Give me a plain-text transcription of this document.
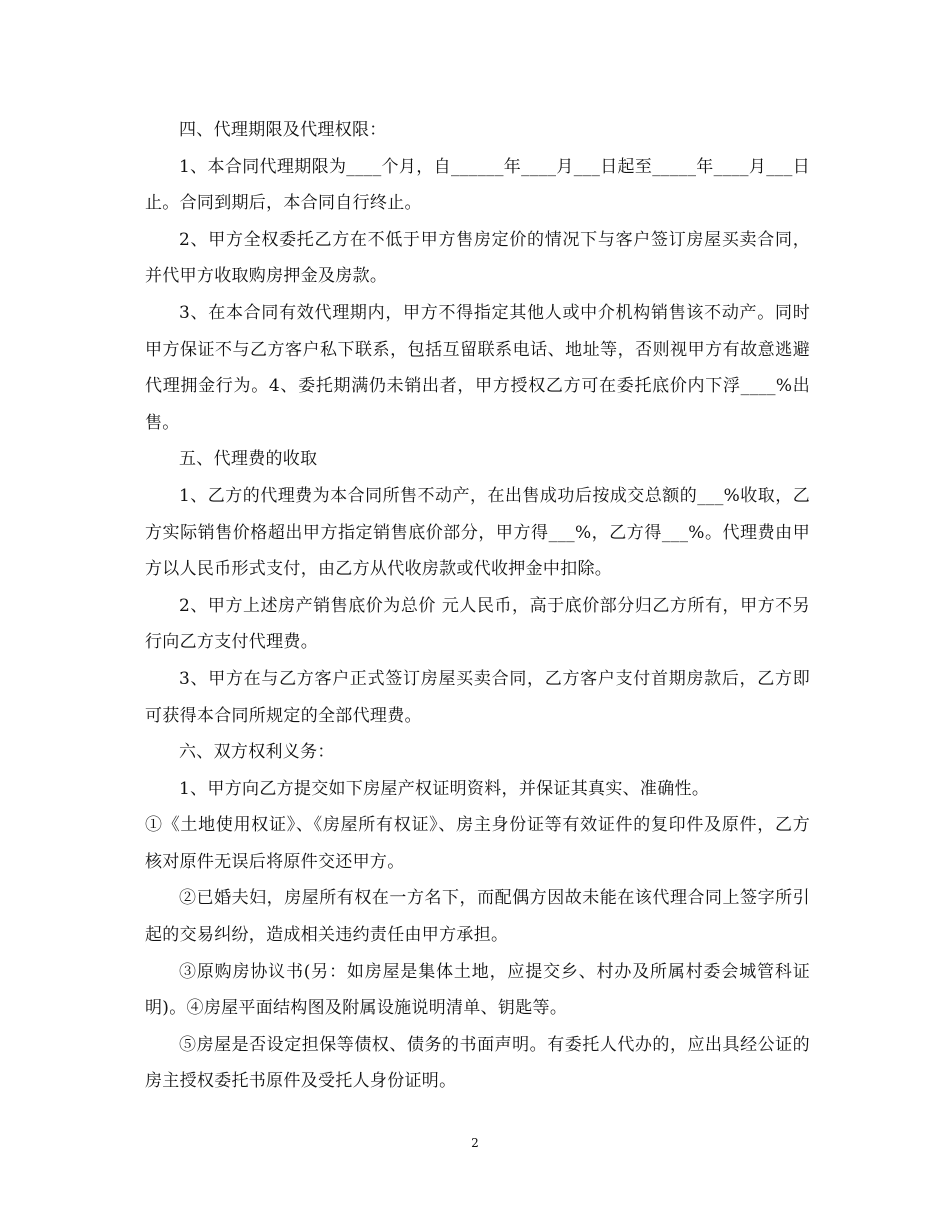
四、代理期限及代理权限：

1、本合同代理期限为____个月，自______年____月___日起至_____年____月___日止。合同到期后，本合同自行终止。

2、甲方全权委托乙方在不低于甲方售房定价的情况下与客户签订房屋买卖合同，并代甲方收取购房押金及房款。

3、在本合同有效代理期内，甲方不得指定其他人或中介机构销售该不动产。同时甲方保证不与乙方客户私下联系，包括互留联系电话、地址等，否则视甲方有故意逃避代理拥金行为。4、委托期满仍未销出者，甲方授权乙方可在委托底价内下浮____%出售。

五、代理费的收取

1、乙方的代理费为本合同所售不动产，在出售成功后按成交总额的___%收取，乙方实际销售价格超出甲方指定销售底价部分，甲方得___%，乙方得___%。代理费由甲方以人民币形式支付，由乙方从代收房款或代收押金中扣除。

2、甲方上述房产销售底价为总价 元人民币，高于底价部分归乙方所有，甲方不另行向乙方支付代理费。

3、甲方在与乙方客户正式签订房屋买卖合同，乙方客户支付首期房款后，乙方即可获得本合同所规定的全部代理费。

六、双方权利义务：

1、甲方向乙方提交如下房屋产权证明资料，并保证其真实、准确性。

①《土地使用权证》、《房屋所有权证》、房主身份证等有效证件的复印件及原件，乙方核对原件无误后将原件交还甲方。

②已婚夫妇，房屋所有权在一方名下，而配偶方因故未能在该代理合同上签字所引起的交易纠纷，造成相关违约责任由甲方承担。

③原购房协议书(另：如房屋是集体土地，应提交乡、村办及所属村委会城管科证明)。④房屋平面结构图及附属设施说明清单、钥匙等。

⑤房屋是否设定担保等债权、债务的书面声明。有委托人代办的，应出具经公证的房主授权委托书原件及受托人身份证明。

2
